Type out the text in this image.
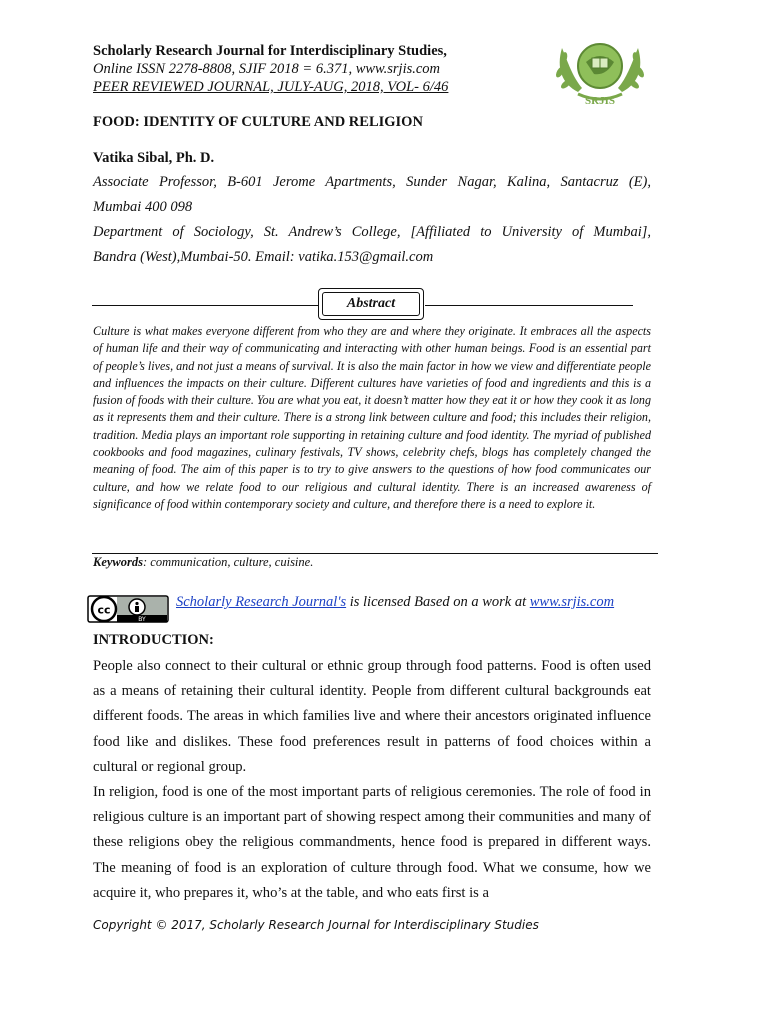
Scholarly Research Journal for Interdisciplinary Studies,
Online ISSN 2278-8808, SJIF 2018 = 6.371, www.srjis.com
PEER REVIEWED JOURNAL, JULY-AUG, 2018, VOL- 6/46
SRJIS
FOOD: IDENTITY OF CULTURE AND RELIGION
Vatika Sibal, Ph. D.
Associate Professor, B-601 Jerome Apartments, Sunder Nagar, Kalina, Santacruz (E),
Mumbai 400 098
Department of Sociology, St. Andrew’s College, [Affiliated to University of Mumbai],
Bandra (West),Mumbai-50. Email: vatika.153@gmail.com
Abstract
Culture is what makes everyone different from who they are and where they originate. It embraces all the aspects of human life and their way of communicating and interacting with other human beings. Food is an essential part of people’s lives, and not just a means of survival. It is also the main factor in how we view and differentiate people and influences the impacts on their culture. Different cultures have varieties of food and ingredients and this is a fusion of foods with their culture. You are what you eat, it doesn’t matter how they eat it or how they cook it as long as it represents them and their culture. There is a strong link between culture and food; this includes their religion, tradition. Media plays an important role supporting in retaining culture and food identity. The myriad of published cookbooks and food magazines, culinary festivals, TV shows, celebrity chefs, blogs has completely changed the meaning of food. The aim of this paper is to try to give answers to the questions of how food communicates our culture, and how we relate food to our religious and cultural identity. There is an increased awareness of significance of food within contemporary society and culture, and therefore there is a need to explore it.
Keywords: communication, culture, cuisine.
cc
BY
Scholarly Research Journal's is licensed Based on a work at www.srjis.com
INTRODUCTION:
People also connect to their cultural or ethnic group through food patterns. Food is often used as a means of retaining their cultural identity. People from different cultural backgrounds eat different foods. The areas in which families live and where their ancestors originated influence food like and dislikes. These food preferences result in patterns of food choices within a cultural or regional group.
In religion, food is one of the most important parts of religious ceremonies. The role of food in religious culture is an important part of showing respect among their communities and many of these religions obey the religious commandments, hence food is prepared in different ways. The meaning of food is an exploration of culture through food. What we consume, how we acquire it, who prepares it, who’s at the table, and who eats first is a
Copyright © 2017, Scholarly Research Journal for Interdisciplinary Studies
